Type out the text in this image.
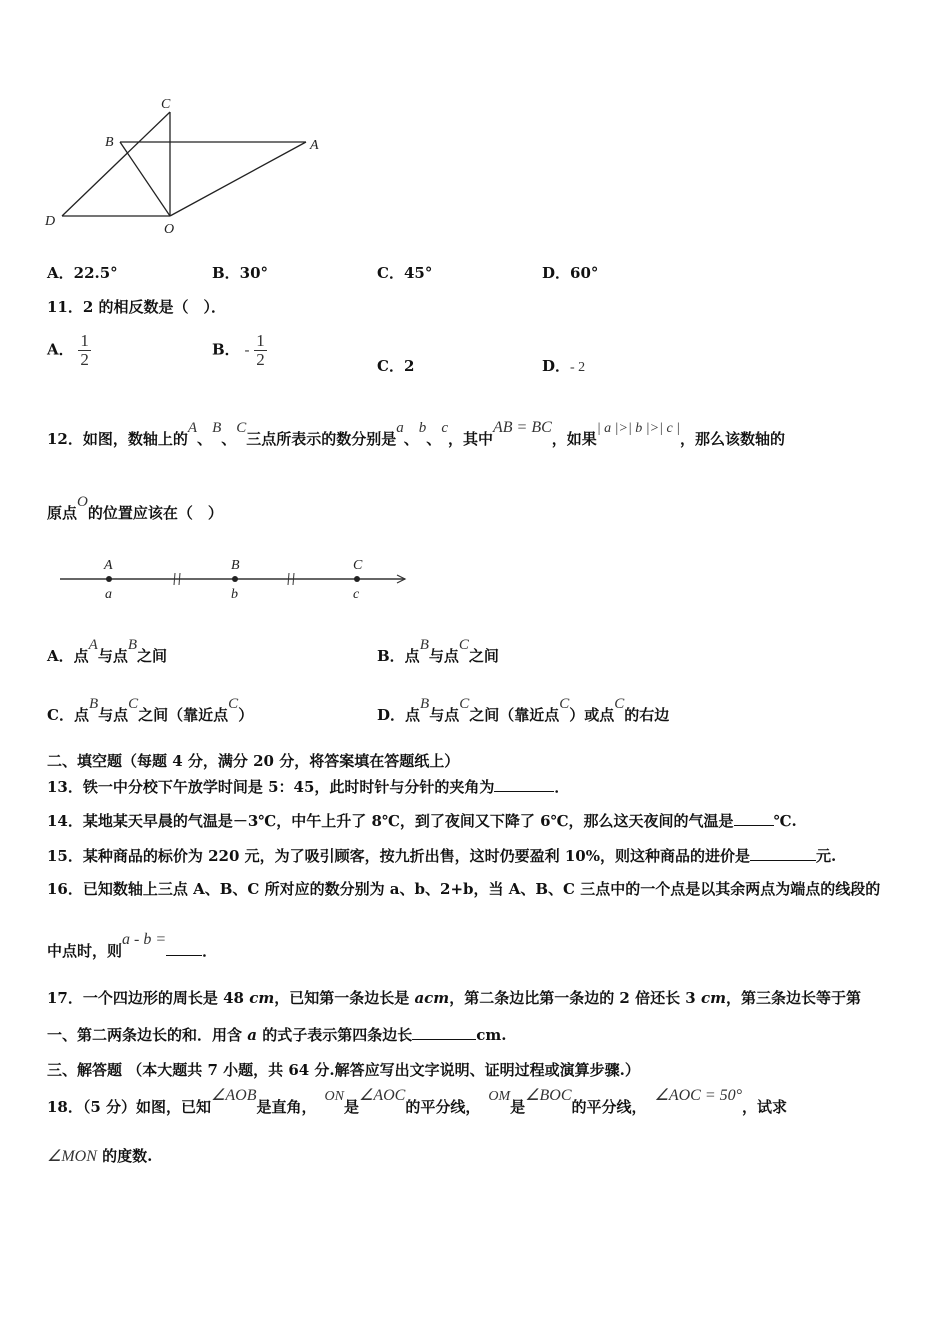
C
B	A
D
O
A．22.5°	B．30°	C．45°	D．60°
11．2 的相反数是（　）．
A． $\frac{1}{2}$	B． - $\frac{1}{2}$	C．2	D．- 2
12．如图，数轴上的A、B、C三点所表示的数分别是a、b、c，其中AB = BC，如果| a |>| b |>| c |，那么该数轴的
原点O的位置应该在（　）
A	B	C
a	b	c
A．点A与点B之间	B．点B与点C之间
C．点B与点C之间（靠近点C）	D．点B与点C之间（靠近点C）或点C的右边
二、填空题（每题 4 分，满分 20 分，将答案填在答题纸上）
13．铁一中分校下午放学时间是 5：45，此时时针与分针的夹角为	．
14．某地某天早晨的气温是－3℃，中午上升了 8℃，到了夜间又下降了 6℃，那么这天夜间的气温是	℃.
15．某种商品的标价为 220 元，为了吸引顾客，按九折出售，这时仍要盈利 10%，则这种商品的进价是	元.
16．已知数轴上三点 A、B、C 所对应的数分别为 a、b、2+b，当 A、B、C 三点中的一个点是以其余两点为端点的线段的
中点时，则a - b =．
17．一个四边形的周长是 48 cm，已知第一条边长是 acm，第二条边比第一条边的 2 倍还长 3 cm，第三条边长等于第
一、第二两条边长的和．用含 a 的式子表示第四条边长	cm.
三、解答题 （本大题共 7 小题，共 64 分.解答应写出文字说明、证明过程或演算步骤.）
18．（5 分）如图，已知∠AOB是直角，ON是∠AOC的平分线，OM是∠BOC的平分线，∠AOC = 50°，试求
∠MON 的度数.
